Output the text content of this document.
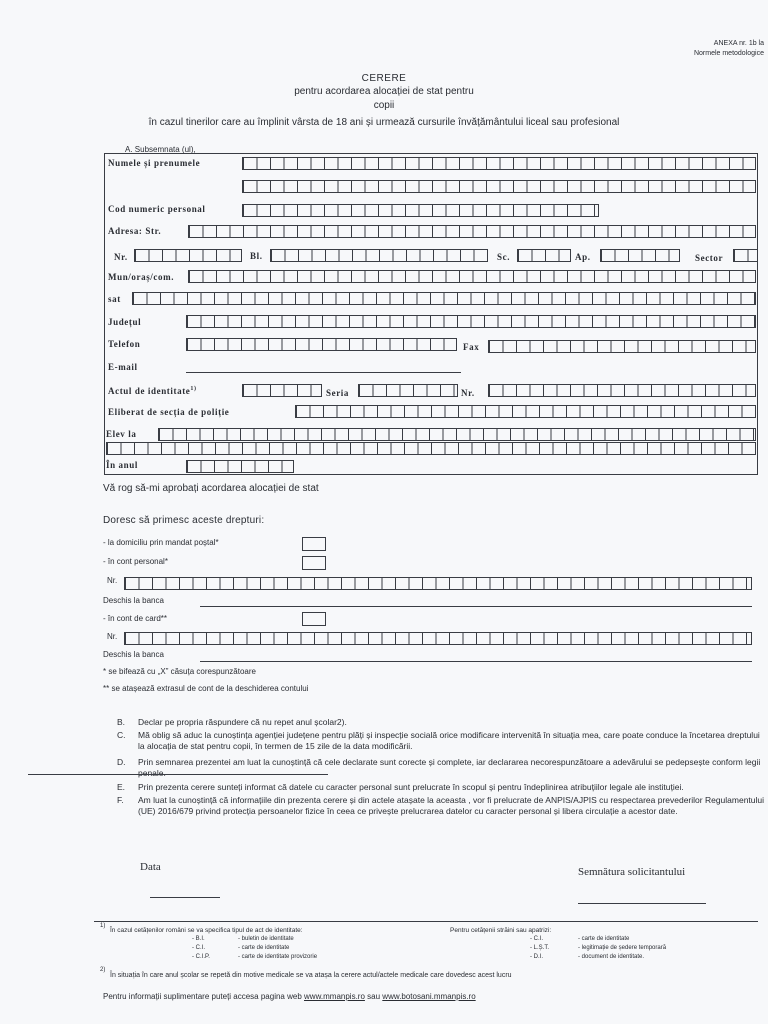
ANEXA nr. 1b la
Normele metodologice
CERERE
pentru acordarea alocației de stat pentru
copii
în cazul tinerilor care au împlinit vârsta de 18 ani și urmează cursurile învățământului liceal sau profesional
A. Subsemnata (ul),
Numele și prenumele
Cod numeric personal
Adresa: Str.
Nr.	Bl.	Sc.	Ap.	Sector
Mun/oraș/com.
sat
Județul
Telefon	Fax
E-mail
Actul de identitate$^{1)}$	Seria	Nr.
Eliberat de secția de poliție
Elev la
În anul
Vă rog să-mi aprobați acordarea alocației de stat
Doresc să primesc aceste drepturi:
- la domiciliu prin mandat poștal*
- în cont personal*
Nr.
Deschis la banca
- în cont de card**
Nr.
Deschis la banca
* se bifează cu „X” căsuța corespunzătoare
** se atașează extrasul de cont de la deschiderea contului
B. Declar pe propria răspundere că nu repet anul școlar2).
C. Mă oblig să aduc la cunoștința agenției județene pentru plăți și inspecție socială orice modificare intervenită în situația mea, care poate conduce la încetarea dreptului la alocația de stat pentru copii, în termen de 15 zile de la data modificării.
D. Prin semnarea prezentei am luat la cunoștință că cele declarate sunt corecte și complete, iar declararea necorespunzătoare a adevărului se pedepsește conform legii penale.
E. Prin prezenta cerere sunteți informat că datele cu caracter personal sunt prelucrate în scopul și pentru îndeplinirea atribuțiilor legale ale instituției.
F. Am luat la cunoștință că informațiile din prezenta cerere și din actele atașate la aceasta , vor fi prelucrate de ANPIS/AJPIS cu respectarea prevederilor Regulamentului (UE) 2016/679 privind protecția persoanelor fizice în ceea ce privește prelucrarea datelor cu caracter personal și libera circulație a acestor date.
Data	Semnătura solicitantului
1)
În cazul cetățenilor români se va specifica tipul de act de identitate:	Pentru cetățenii străini sau apatrizi:
- B.I.	- buletin de identitate
- C.I.	- carte de identitate
- C.I.P.	- carte de identitate provizorie
- C.I.	- carte de identitate
- L.Ș.T.	- legitimație de ședere temporară
- D.I.	- document de identitate.
2)
În situația în care anul școlar se repetă din motive medicale se va atașa la cerere actul/actele medicale care dovedesc acest lucru
Pentru informații suplimentare puteți accesa pagina web www.mmanpis.ro sau www.botosani.mmanpis.ro
